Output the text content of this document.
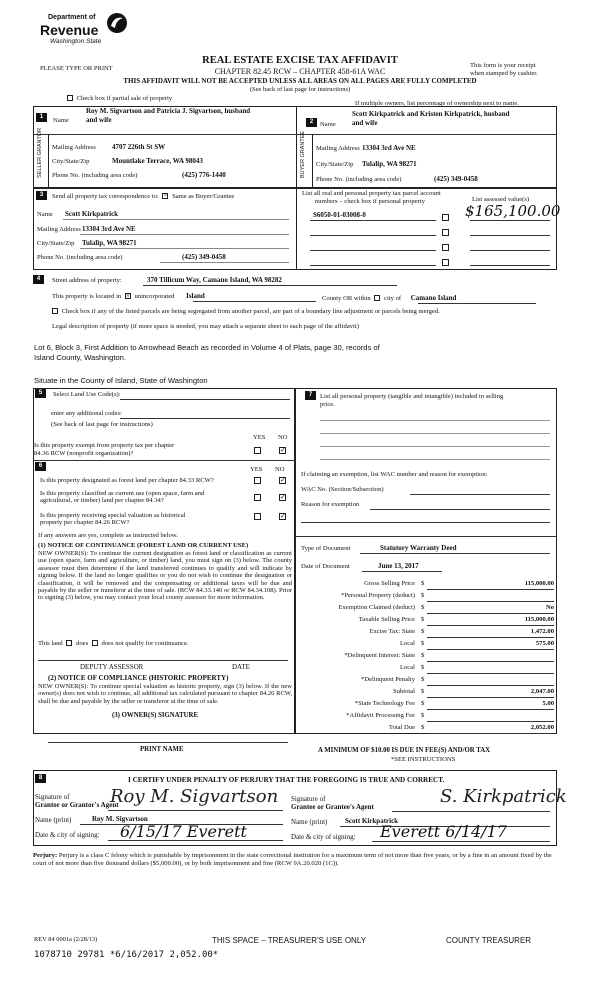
Department of
Revenue
Washington State
PLEASE TYPE OR PRINT
REAL ESTATE EXCISE TAX AFFIDAVIT
CHAPTER 82.45 RCW – CHAPTER 458-61A WAC
THIS AFFIDAVIT WILL NOT BE ACCEPTED UNLESS ALL AREAS ON ALL PAGES ARE FULLY COMPLETED
(See back of last page for instructions)
This form is your receipt
when stamped by cashier.
Check box if partial sale of property
If multiple owners, list percentage of ownership next to name.
1	Name
Roy M. Sigvartson and Patricia J. Sigvartson, husband
and wife
SELLER GRANTOR Mailing Address 4707 226th St SW
City/State/Zip	Mountlake Terrace, WA 98043
Phone No. (including area code)	(425) 776-1440
2	Name
Scott Kirkpatrick and Kristen Kirkpatrick, husband
and wife
BUYER GRANTEE Mailing Address 13304 3rd Ave NE
City/State/Zip Tulalip, WA 98271
Phone No. (including area code)	(425) 349-0458
3	Send all property tax correspondence to: × Same as Buyer/Grantee
Name Scott Kirkpatrick
Mailing Address 13304 3rd Ave NE
City/State/Zip Tulalip, WA 98271
Phone No. (including area code)	(425) 349-0458
List all real and personal property tax parcel account
numbers – check box if personal property	List assessed value(s)
S6050-01-03008-0	$165,100.00
4	Street address of property:	370 Tillicum Way, Camano Island, WA 98282
This property is located in × unincorporated Island	County OR within city of Camano Island
Check box if any of the listed parcels are being segregated from another parcel, are part of a boundary line adjustment or parcels being merged.
Legal description of property (if more space is needed, you may attach a separate sheet to each page of the affidavit)
Lot 6, Block 3, First Addition to Arrowhead Beach as recorded in Volume 4 of Plats, page 30, records of
Island County, Washington.
Situate in the County of Island, State of Washington
5	Select Land Use Code(s):
enter any additional codes:
(See back of last page for instructions)
YES NO
Is this property exempt from property tax per chapter
84.36 RCW (nonprofit organization)?	✓
6	YES NO
Is this property designated as forest land per chapter 84.33 RCW?	✓
Is this property classified as current use (open space, farm and
agricultural, or timber) land per chapter 84.34?	✓
Is this property receiving special valuation as historical
property per chapter 84.26 RCW?
✓
If any answers are yes, complete as instructed below.
(1) NOTICE OF CONTINUANCE (FOREST LAND OR CURRENT USE)
NEW OWNER(S): To continue the current designation as forest land or classification as current use (open space, farm and agriculture, or timber) land, you must sign on (3) below. The county assessor must then determine if the land transferred continues to qualify and will indicate by signing below. If the land no longer qualifies or you do not wish to continue the designation or classification, it will be removed and the compensating or additional taxes will be due and payable by the seller or transferor at the time of sale. (RCW 84.33.140 or RCW 84.34.108). Prior to signing (3) below, you may contact your local county assessor for more information.
This land does does not qualify for continuance.
DEPUTY ASSESSOR	DATE
(2) NOTICE OF COMPLIANCE (HISTORIC PROPERTY)
NEW OWNER(S): To continue special valuation as historic property, sign (3) below. If the new owner(s) does not wish to continue, all additional tax calculated pursuant to chapter 84.26 RCW, shall be due and payable by the seller or transferor at the time of sale.
(3) OWNER(S) SIGNATURE
PRINT NAME
7	List all personal property (tangible and intangible) included in selling
price.
If claiming an exemption, list WAC number and reason for exemption:
WAC No. (Section/Subsection)
Reason for exemption
Type of Document	Statutory Warranty Deed
Date of Document	June 13, 2017
Gross Selling Price $	115,000.00
*Personal Property (deduct) $
Exemption Claimed (deduct) $	No
Taxable Selling Price $	115,000.00
Excise Tax: State $	1,472.00
Local $	575.00
*Delinquent Interest: State $
Local $
*Delinquent Penalty $
Subtotal $	2,047.00
*State Technology Fee $	5.00
*Affidavit Processing Fee $
Total Due $	2,052.00
A MINIMUM OF $10.00 IS DUE IN FEE(S) AND/OR TAX
*SEE INSTRUCTIONS
8	I CERTIFY UNDER PENALTY OF PERJURY THAT THE FOREGOING IS TRUE AND CORRECT.
Signature of
Grantor or Grantor's Agent
Roy M. Sigvartson Signature of
Grantee or Grantee's Agent	S. Kirkpatrick
Name (print)	Roy M. Sigvartson	Name (print)	Scott Kirkpatrick
Date & city of signing: 6/15/17 Everett	Date & city of signing: Everett 6/14/17
Perjury: Perjury is a class C felony which is punishable by imprisonment in the state correctional institution for a maximum term of not more than five years, or by a fine in an amount fixed by the court of not more than five thousand dollars ($5,000.00), or by both imprisonment and fine (RCW 9A.20.020 (1C)).
REV 84 0001a (2/28/13)	THIS SPACE – TREASURER'S USE ONLY	COUNTY TREASURER
1078710 29781 *6/16/2017 2,052.00*
